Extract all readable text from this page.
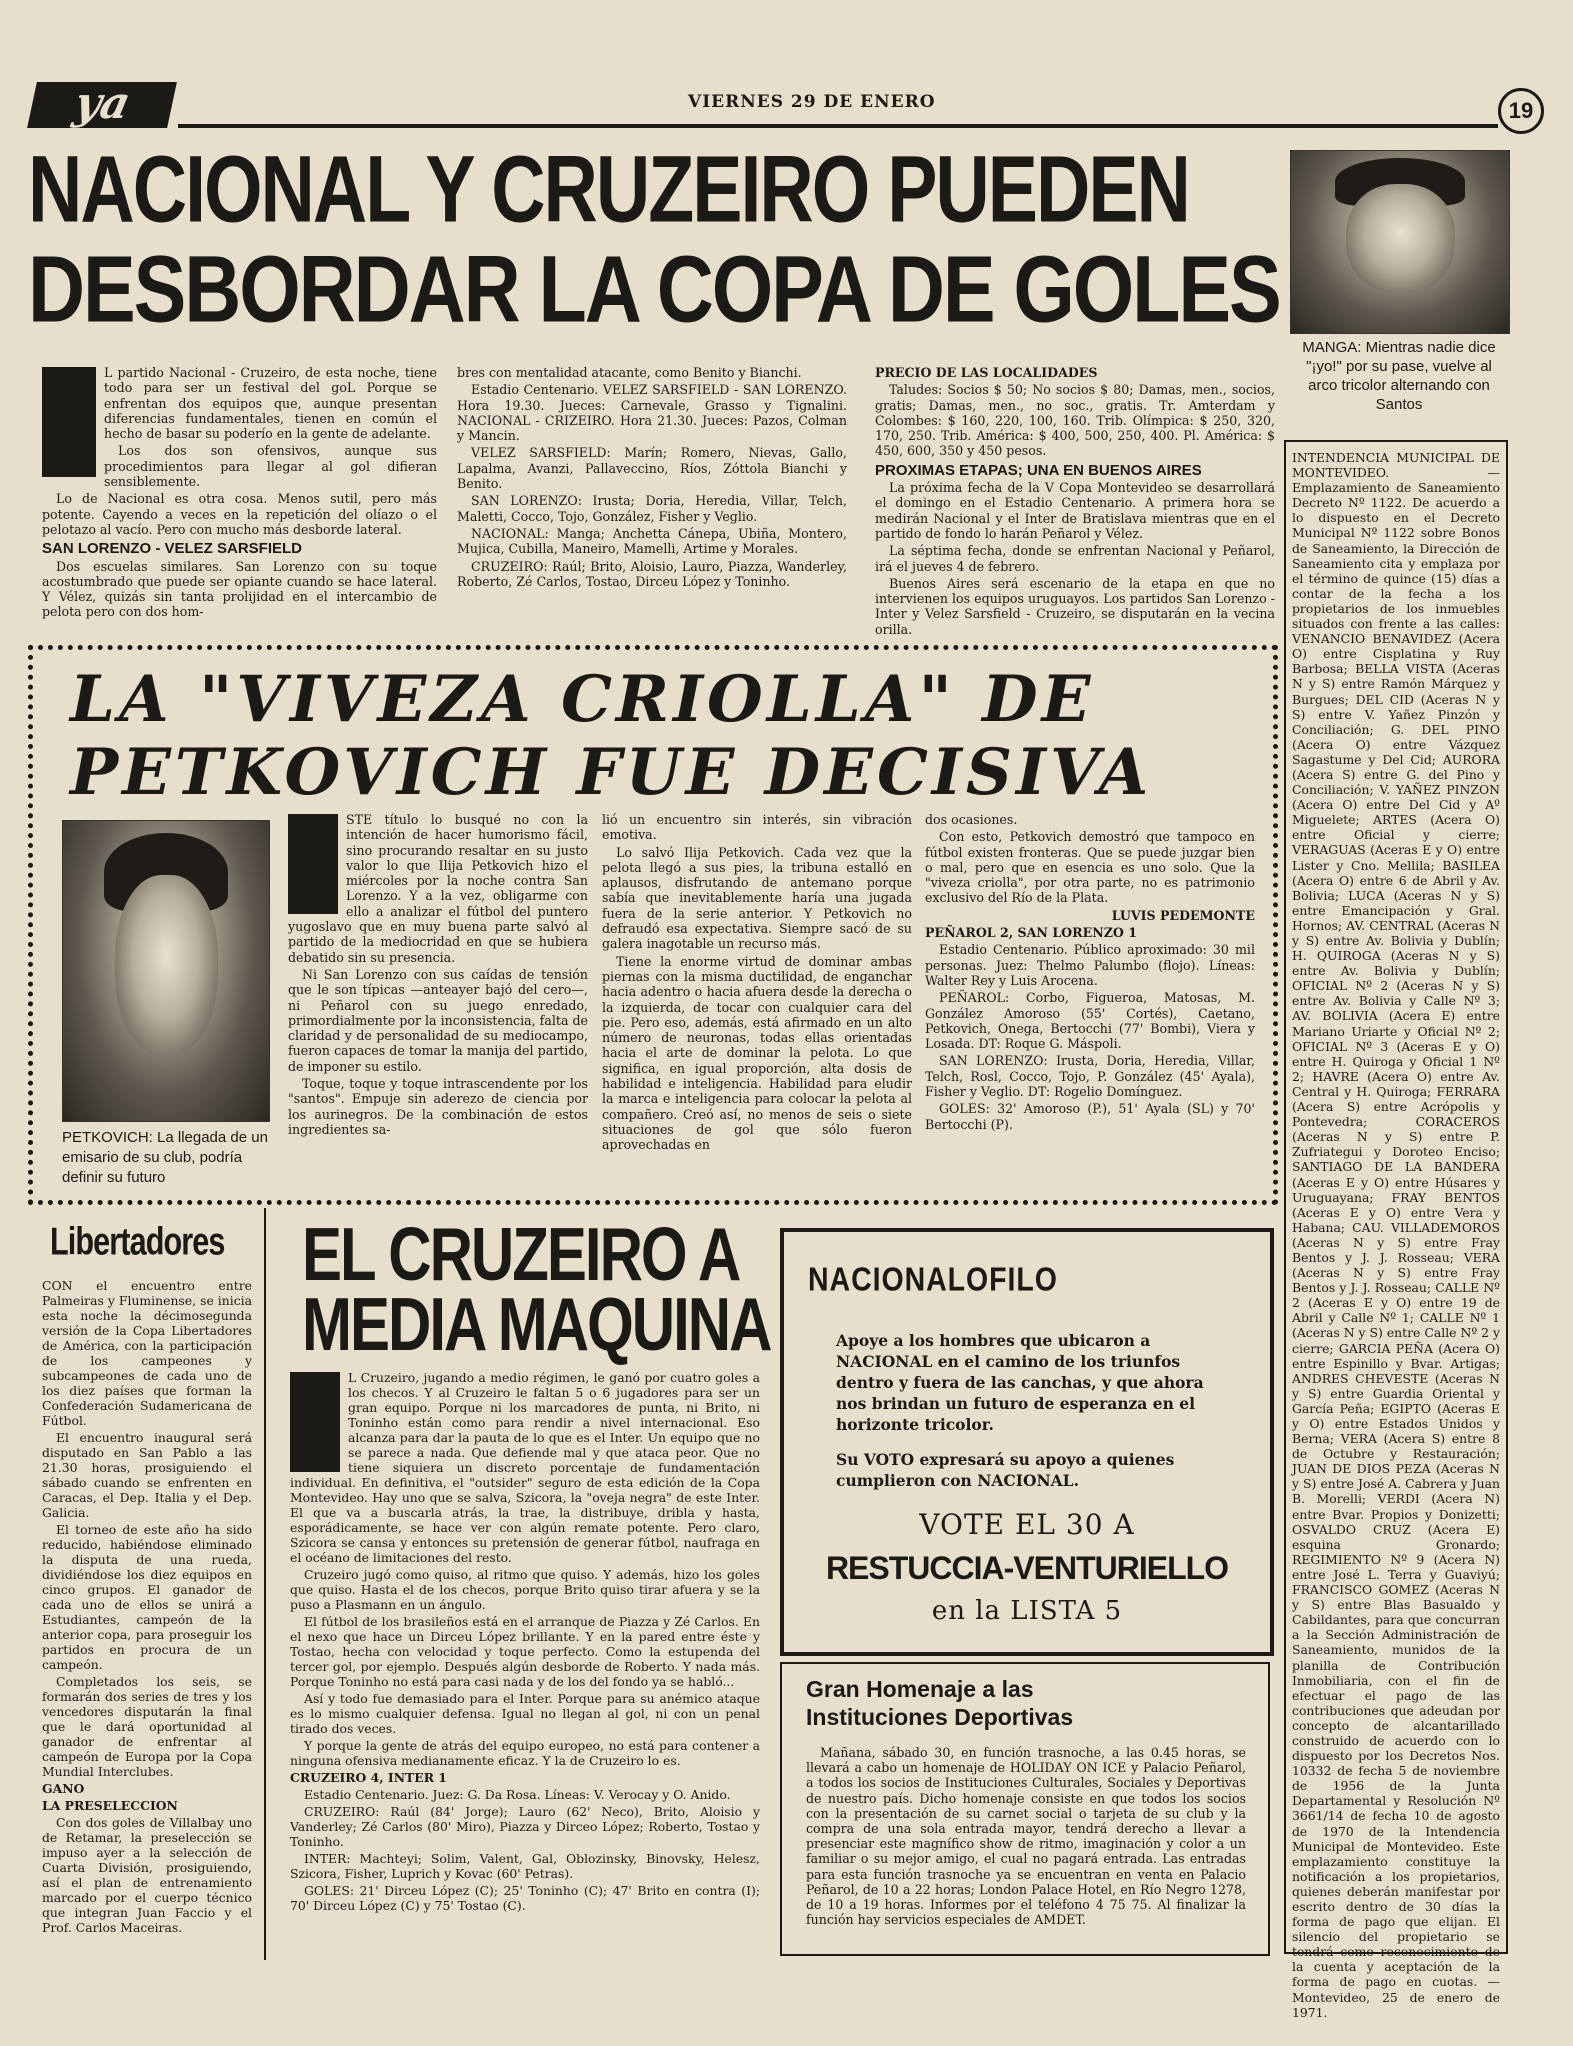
ya	VIERNES 29 DE ENERO	19
NACIONAL Y CRUZEIRO PUEDEN
DESBORDAR LA COPA DE GOLES
MANGA: Mientras nadie dice "¡yo!" por su pase, vuelve al arco tricolor alternando con Santos

L partido Nacional - Cruzeiro, de esta noche, tiene todo para ser un festival del goL Porque se enfrentan dos equipos que, aunque presentan diferencias fundamentales, tienen en común el hecho de basar su poderío en la gente de adelante.

Los dos son ofensivos, aunque sus procedimientos para llegar al gol difieran sensiblemente.

Lo de Nacional es otra cosa. Menos sutil, pero más potente. Cayendo a veces en la repetición del olíazo o el pelotazo al vacío. Pero con mucho más desborde lateral.

SAN LORENZO - VELEZ SARSFIELD

Dos escuelas similares. San Lorenzo con su toque acostumbrado que puede ser opiante cuando se hace lateral. Y Vélez, quizás sin tanta prolijidad en el intercambio de pelota pero con dos hom-

bres con mentalidad atacante, como Benito y Bianchi.

Estadio Centenario. VELEZ SARSFIELD - SAN LORENZO. Hora 19.30. Jueces: Carnevale, Grasso y Tignalini. NACIONAL - CRIZEIRO. Hora 21.30. Jueces: Pazos, Colman y Mancin.

VELEZ SARSFIELD: Marín; Romero, Nievas, Gallo, Lapalma, Avanzi, Pallaveccino, Ríos, Zóttola Bianchi y Benito.

SAN LORENZO: Irusta; Doria, Heredia, Villar, Telch, Maletti, Cocco, Tojo, González, Fisher y Veglio.

NACIONAL: Manga; Anchetta Cánepa, Ubiña, Montero, Mujica, Cubilla, Maneiro, Mamelli, Artime y Morales.

CRUZEIRO: Raúl; Brito, Aloisio, Lauro, Piazza, Wanderley, Roberto, Zé Carlos, Tostao, Dirceu López y Toninho.

PRECIO DE LAS LOCALIDADES

Taludes: Socios $ 50; No socios $ 80; Damas, men., socios, gratis; Damas, men., no soc., gratis. Tr. Amterdam y Colombes: $ 160, 220, 100, 160. Trib. Olímpica: $ 250, 320, 170, 250. Trib. América: $ 400, 500, 250, 400. Pl. América: $ 450, 600, 350 y 450 pesos.

PROXIMAS ETAPAS; UNA EN BUENOS AIRES

La próxima fecha de la V Copa Montevideo se desarrollará el domingo en el Estadio Centenario. A primera hora se medirán Nacional y el Inter de Bratislava mientras que en el partido de fondo lo harán Peñarol y Vélez.

La séptima fecha, donde se enfrentan Nacional y Peñarol, irá el jueves 4 de febrero.

Buenos Aires será escenario de la etapa en que no intervienen los equipos uruguayos. Los partidos San Lorenzo - Inter y Velez Sarsfield - Cruzeiro, se disputarán en la vecina orilla.

INTENDENCIA MUNICIPAL DE MONTEVIDEO. — Emplazamiento de Saneamiento Decreto Nº 1122. De acuerdo a lo dispuesto en el Decreto Municipal Nº 1122 sobre Bonos de Saneamiento, la Dirección de Saneamiento cita y emplaza por el término de quince (15) días a contar de la fecha a los propietarios de los inmuebles situados con frente a las calles: VENANCIO BENAVIDEZ (Acera O) entre Cisplatina y Ruy Barbosa; BELLA VISTA (Aceras N y S) entre Ramón Márquez y Burgues; DEL CID (Aceras N y S) entre V. Yañez Pinzón y Conciliación; G. DEL PINO (Acera O) entre Vázquez Sagastume y Del Cid; AURORA (Acera S) entre G. del Pino y Conciliación; V. YAÑEZ PINZON (Acera O) entre Del Cid y Aº Miguelete; ARTES (Acera O) entre Oficial y cierre; VERAGUAS (Aceras E y O) entre Lister y Cno. Mellila; BASILEA (Acera O) entre 6 de Abril y Av. Bolivia; LUCA (Aceras N y S) entre Emancipación y Gral. Hornos; AV. CENTRAL (Aceras N y S) entre Av. Bolivia y Dublín; H. QUIROGA (Aceras N y S) entre Av. Bolivia y Dublín; OFICIAL Nº 2 (Aceras N y S) entre Av. Bolivia y Calle Nº 3; AV. BOLIVIA (Acera E) entre Mariano Uriarte y Oficial Nº 2; OFICIAL Nº 3 (Aceras E y O) entre H. Quiroga y Oficial 1 Nº 2; HAVRE (Acera O) entre Av. Central y H. Quiroga; FERRARA (Acera S) entre Acrópolis y Pontevedra; CORACEROS (Aceras N y S) entre P. Zufriategui y Doroteo Enciso; SANTIAGO DE LA BANDERA (Aceras E y O) entre Húsares y Uruguayana; FRAY BENTOS (Aceras E y O) entre Vera y Habana; CAU. VILLADEMOROS (Aceras N y S) entre Fray Bentos y J. J. Rosseau; VERA (Aceras N y S) entre Fray Bentos y J. J. Rosseau; CALLE Nº 2 (Aceras E y O) entre 19 de Abril y Calle Nº 1; CALLE Nº 1 (Aceras N y S) entre Calle Nº 2 y cierre; GARCIA PEÑA (Acera O) entre Espinillo y Bvar. Artigas; ANDRES CHEVESTE (Aceras N y S) entre Guardia Oriental y García Peña; EGIPTO (Aceras E y O) entre Estados Unidos y Berna; VERA (Acera S) entre 8 de Octubre y Restauración; JUAN DE DIOS PEZA (Aceras N y S) entre José A. Cabrera y Juan B. Morelli; VERDI (Acera N) entre Bvar. Propios y Donizetti; OSVALDO CRUZ (Acera E) esquina Gronardo; REGIMIENTO Nº 9 (Acera N) entre José L. Terra y Guaviyú; FRANCISCO GOMEZ (Aceras N y S) entre Blas Basualdo y Cabildantes, para que concurran a la Sección Administración de Saneamiento, munidos de la planilla de Contribución Inmobiliaria, con el fin de efectuar el pago de las contribuciones que adeudan por concepto de alcantarillado construido de acuerdo con lo dispuesto por los Decretos Nos. 10332 de fecha 5 de noviembre de 1956 de la Junta Departamental y Resolución Nº 3661/14 de fecha 10 de agosto de 1970 de la Intendencia Municipal de Montevideo. Este emplazamiento constituye la notificación a los propietarios, quienes deberán manifestar por escrito dentro de 30 días la forma de pago que elijan. El silencio del propietario se tendrá como reconocimiento de la cuenta y aceptación de la forma de pago en cuotas. — Montevideo, 25 de enero de 1971.

LA "VIVEZA CRIOLLA" DE
PETKOVICH FUE DECISIVA
PETKOVICH: La llegada de un emisario de su club, podría definir su futuro

STE título lo busqué no con la intención de hacer humorismo fácil, sino procurando resaltar en su justo valor lo que Ilija Petkovich hizo el miércoles por la noche contra San Lorenzo. Y a la vez, obligarme con ello a analizar el fútbol del puntero yugoslavo que en muy buena parte salvó al partido de la mediocridad en que se hubiera debatido sin su presencia.

Ni San Lorenzo con sus caídas de tensión que le son típicas —anteayer bajó del cero—, ni Peñarol con su juego enredado, primordialmente por la inconsistencia, falta de claridad y de personalidad de su mediocampo, fueron capaces de tomar la manija del partido, de imponer su estilo.

Toque, toque y toque intrascendente por los "santos". Empuje sin aderezo de ciencia por los aurinegros. De la combinación de estos ingredientes sa-

lió un encuentro sin interés, sin vibración emotiva.

Lo salvó Ilija Petkovich. Cada vez que la pelota llegó a sus pies, la tribuna estalló en aplausos, disfrutando de antemano porque sabía que inevitablemente haría una jugada fuera de la serie anterior. Y Petkovich no defraudó esa expectativa. Siempre sacó de su galera inagotable un recurso más.

Tiene la enorme virtud de dominar ambas piernas con la misma ductilidad, de enganchar hacia adentro o hacia afuera desde la derecha o la izquierda, de tocar con cualquier cara del pie. Pero eso, además, está afirmado en un alto número de neuronas, todas ellas orientadas hacia el arte de dominar la pelota. Lo que significa, en igual proporción, alta dosis de habilidad e inteligencia. Habilidad para eludir la marca e inteligencia para colocar la pelota al compañero. Creó así, no menos de seis o siete situaciones de gol que sólo fueron aprovechadas en

dos ocasiones.

Con esto, Petkovich demostró que tampoco en fútbol existen fronteras. Que se puede juzgar bien o mal, pero que en esencia es uno solo. Que la "viveza criolla", por otra parte, no es patrimonio exclusivo del Río de la Plata.

LUVIS PEDEMONTE

PEÑAROL 2, SAN LORENZO 1

Estadio Centenario. Público aproximado: 30 mil personas. Juez: Thelmo Palumbo (flojo). Líneas: Walter Rey y Luis Arocena.

PEÑAROL: Corbo, Figueroa, Matosas, M. González Amoroso (55' Cortés), Caetano, Petkovich, Onega, Bertocchi (77' Bombi), Viera y Losada. DT: Roque G. Máspoli.

SAN LORENZO: Irusta, Doria, Heredia, Villar, Telch, Rosl, Cocco, Tojo, P. González (45' Ayala), Fisher y Veglio. DT: Rogelio Domínguez.

GOLES: 32' Amoroso (P.), 51' Ayala (SL) y 70' Bertocchi (P).

Libertadores

CON el encuentro entre Palmeiras y Fluminense, se inicia esta noche la décimosegunda versión de la Copa Libertadores de América, con la participación de los campeones y subcampeones de cada uno de los diez países que forman la Confederación Sudamericana de Fútbol.

El encuentro inaugural será disputado en San Pablo a las 21.30 horas, prosiguiendo el sábado cuando se enfrenten en Caracas, el Dep. Italia y el Dep. Galicia.

El torneo de este año ha sido reducido, habiéndose eliminado la disputa de una rueda, dividiéndose los diez equipos en cinco grupos. El ganador de cada uno de ellos se unirá a Estudiantes, campeón de la anterior copa, para proseguir los partidos en procura de un campeón.

Completados los seis, se formarán dos series de tres y los vencedores disputarán la final que le dará oportunidad al ganador de enfrentar al campeón de Europa por la Copa Mundial Interclubes.

GANO

LA PRESELECCION

Con dos goles de Villalbay uno de Retamar, la preselección se impuso ayer a la selección de Cuarta División, prosiguiendo, así el plan de entrenamiento marcado por el cuerpo técnico que integran Juan Faccio y el Prof. Carlos Maceiras.

EL CRUZEIRO A
MEDIA MAQUINA

L Cruzeiro, jugando a medio régimen, le ganó por cuatro goles a los checos. Y al Cruzeiro le faltan 5 o 6 jugadores para ser un gran equipo. Porque ni los marcadores de punta, ni Brito, ni Toninho están como para rendir a nivel internacional. Eso alcanza para dar la pauta de lo que es el Inter. Un equipo que no se parece a nada. Que defiende mal y que ataca peor. Que no tiene siquiera un discreto porcentaje de fundamentación individual. En definitiva, el "outsider" seguro de esta edición de la Copa Montevideo. Hay uno que se salva, Szicora, la "oveja negra" de este Inter. El que va a buscarla atrás, la trae, la distribuye, dribla y hasta, esporádicamente, se hace ver con algún remate potente. Pero claro, Szicora se cansa y entonces su pretensión de generar fútbol, naufraga en el océano de limitaciones del resto.

Cruzeiro jugó como quiso, al ritmo que quiso. Y además, hizo los goles que quiso. Hasta el de los checos, porque Brito quiso tirar afuera y se la puso a Plasmann en un ángulo.

El fútbol de los brasileños está en el arranque de Piazza y Zé Carlos. En el nexo que hace un Dirceu López brillante. Y en la pared entre éste y Tostao, hecha con velocidad y toque perfecto. Como la estupenda del tercer gol, por ejemplo. Después algún desborde de Roberto. Y nada más. Porque Toninho no está para casi nada y de los del fondo ya se habló...

Así y todo fue demasiado para el Inter. Porque para su anémico ataque es lo mismo cualquier defensa. Igual no llegan al gol, ni con un penal tirado dos veces.

Y porque la gente de atrás del equipo europeo, no está para contener a ninguna ofensiva medianamente eficaz. Y la de Cruzeiro lo es.

CRUZEIRO 4, INTER 1

Estadio Centenario. Juez: G. Da Rosa. Líneas: V. Verocay y O. Anido.

CRUZEIRO: Raúl (84' Jorge); Lauro (62' Neco), Brito, Aloisio y Vanderley; Zé Carlos (80' Miro), Piazza y Dirceo López; Roberto, Tostao y Toninho.

INTER: Machteyi; Solim, Valent, Gal, Oblozinsky, Binovsky, Helesz, Szicora, Fisher, Luprich y Kovac (60' Petras).

GOLES: 21' Dirceu López (C); 25' Toninho (C); 47' Brito en contra (I); 70' Dirceu López (C) y 75' Tostao (C).

NACIONALOFILO

Apoye a los hombres que ubicaron a NACIONAL en el camino de los triunfos dentro y fuera de las canchas, y que ahora nos brindan un futuro de esperanza en el horizonte tricolor.

Su VOTO expresará su apoyo a quienes cumplieron con NACIONAL.

VOTE EL 30 A
RESTUCCIA-VENTURIELLO
en la LISTA 5
Gran Homenaje a las
Instituciones Deportivas

Mañana, sábado 30, en función trasnoche, a las 0.45 horas, se llevará a cabo un homenaje de HOLIDAY ON ICE y Palacio Peñarol, a todos los socios de Instituciones Culturales, Sociales y Deportivas de nuestro país. Dicho homenaje consiste en que todos los socios con la presentación de su carnet social o tarjeta de su club y la compra de una sola entrada mayor, tendrá derecho a llevar a presenciar este magnífico show de ritmo, imaginación y color a un familiar o su mejor amigo, el cual no pagará entrada. Las entradas para esta función trasnoche ya se encuentran en venta en Palacio Peñarol, de 10 a 22 horas; London Palace Hotel, en Río Negro 1278, de 10 a 19 horas. Informes por el teléfono 4 75 75. Al finalizar la función hay servicios especiales de AMDET.
